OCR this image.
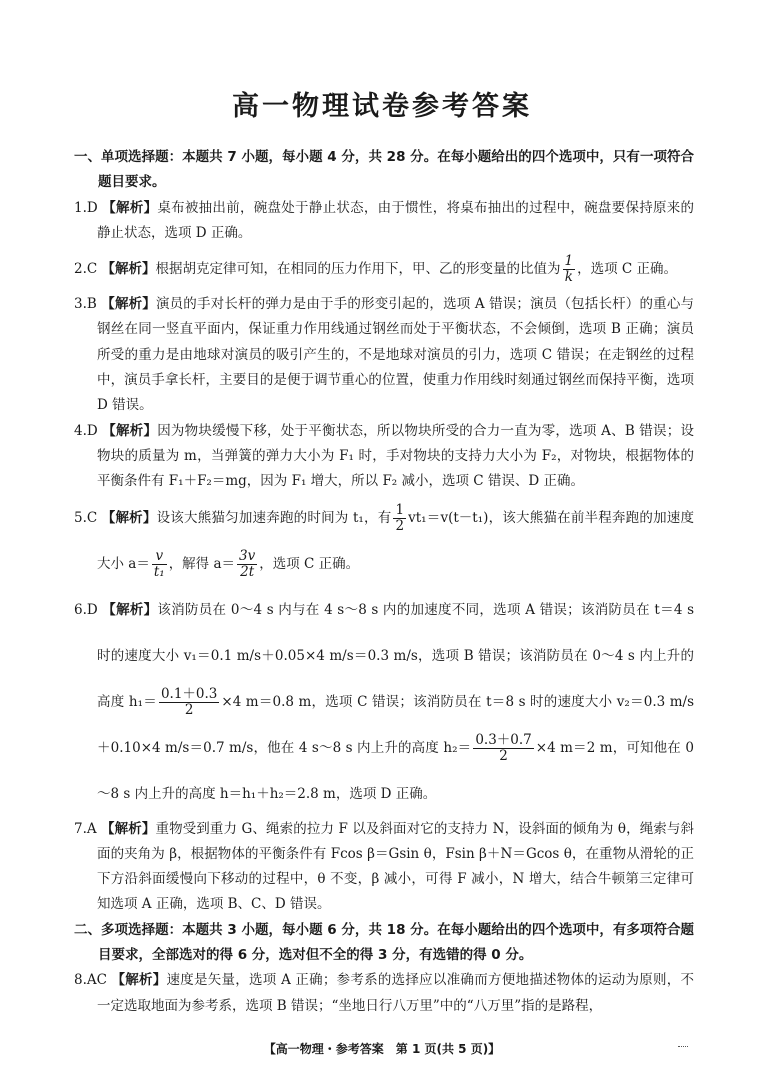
高一物理试卷参考答案

一、单项选择题：本题共 7 小题，每小题 4 分，共 28 分。在每小题给出的四个选项中，只有一项符合题目要求。

1.D 【解析】桌布被抽出前，碗盘处于静止状态，由于惯性，将桌布抽出的过程中，碗盘要保持原来的静止状态，选项 D 正确。

2.C 【解析】根据胡克定律可知，在相同的压力作用下，甲、乙的形变量的比值为 $\frac{1}{k}$ ，选项 C 正确。

3.B 【解析】演员的手对长杆的弹力是由于手的形变引起的，选项 A 错误；演员（包括长杆）的重心与钢丝在同一竖直平面内，保证重力作用线通过钢丝而处于平衡状态，不会倾倒，选项 B 正确；演员所受的重力是由地球对演员的吸引产生的，不是地球对演员的引力，选项 C 错误；在走钢丝的过程中，演员手拿长杆，主要目的是便于调节重心的位置，使重力作用线时刻通过钢丝而保持平衡，选项 D 错误。

4.D 【解析】因为物块缓慢下移，处于平衡状态，所以物块所受的合力一直为零，选项 A、B 错误；设物块的质量为 m，当弹簧的弹力大小为 F₁ 时，手对物块的支持力大小为 F₂，对物块，根据物体的平衡条件有 F₁＋F₂＝mg，因为 F₁ 增大，所以 F₂ 减小，选项 C 错误、D 正确。

5.C 【解析】设该大熊猫匀加速奔跑的时间为 t₁，有 $\frac{1}{2} vt_1=v(t-t_1)$，该大熊猫在前半程奔跑的加速度大小 $a= \frac{v}{\text{t₁}}$ ，解得 $a= \frac{3v}{2t}$ ，选项 C 正确。

6.D 【解析】该消防员在 0～4 s 内与在 4 s～8 s 内的加速度不同，选项 A 错误；该消防员在 t＝4 s 时的速度大小 v₁＝0.1 m/s＋0.05×4 m/s＝0.3 m/s，选项 B 错误；该消防员在 0～4 s 内上升的高度 $h_1= \frac{0.1+0.3}{2} \times 4$ m＝0.8 m，选项 C 错误；该消防员在 t＝8 s 时的速度大小 v₂＝0.3 m/s＋0.10×4 m/s＝0.7 m/s，他在 4 s～8 s 内上升的高度 $h_2= \frac{0.3+0.7}{2} \times 4$ m＝2 m，可知他在 0～8 s 内上升的高度 h＝h₁＋h₂＝2.8 m，选项 D 正确。

7.A 【解析】重物受到重力 G、绳索的拉力 F 以及斜面对它的支持力 N，设斜面的倾角为 θ，绳索与斜面的夹角为 β，根据物体的平衡条件有 Fcos β＝Gsin θ，Fsin β＋N＝Gcos θ，在重物从滑轮的正下方沿斜面缓慢向下移动的过程中，θ 不变，β 减小，可得 F 减小，N 增大，结合牛顿第三定律可知选项 A 正确，选项 B、C、D 错误。

二、多项选择题：本题共 3 小题，每小题 6 分，共 18 分。在每小题给出的四个选项中，有多项符合题目要求，全部选对的得 6 分，选对但不全的得 3 分，有选错的得 0 分。

8.AC 【解析】速度是矢量，选项 A 正确；参考系的选择应以准确而方便地描述物体的运动为原则，不一定选取地面为参考系，选项 B 错误；“坐地日行八万里”中的“八万里”指的是路程，

【高一物理・参考答案　第 1 页(共 5 页)】
